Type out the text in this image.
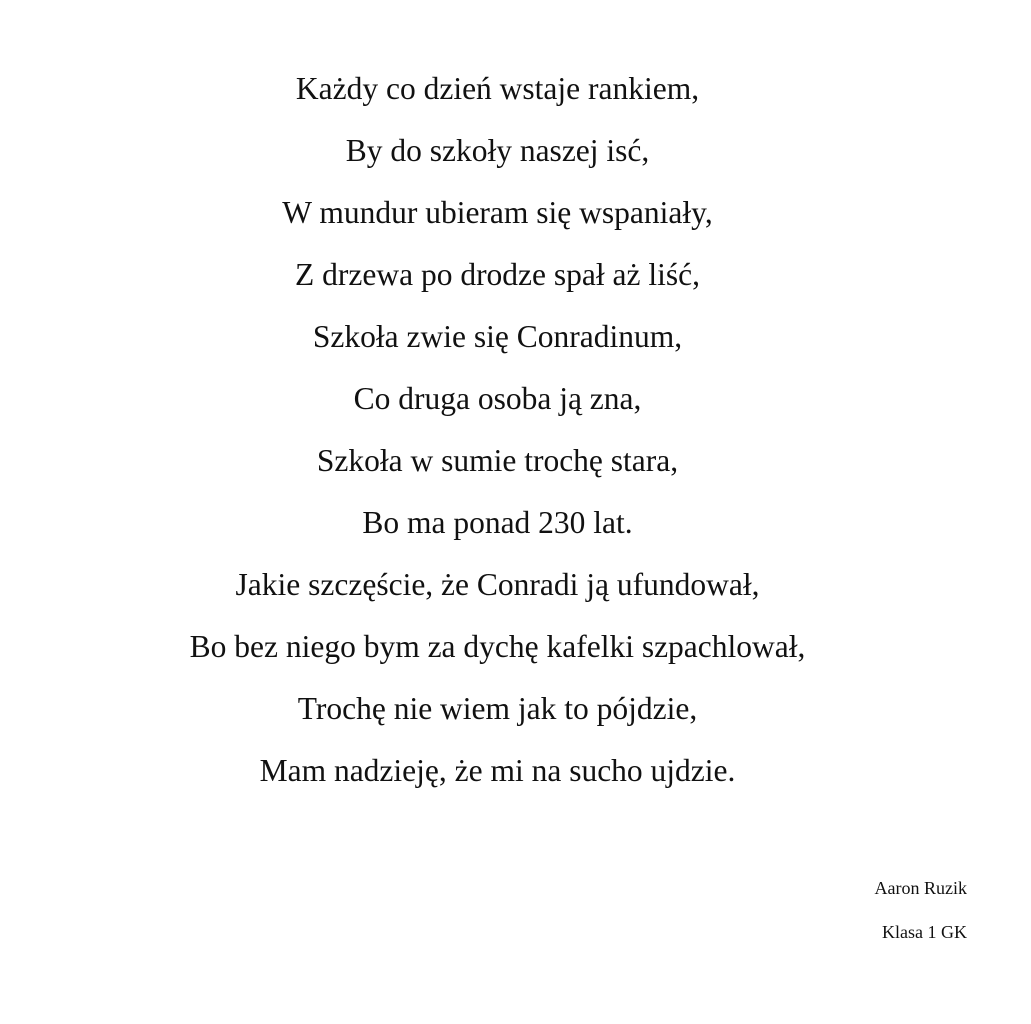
Każdy co dzień wstaje rankiem,
By do szkoły naszej isć,
W mundur ubieram się wspaniały,
Z drzewa po drodze spał aż liść,
Szkoła zwie się Conradinum,
Co druga osoba ją zna,
Szkoła w sumie trochę stara,
Bo ma ponad 230 lat.
Jakie szczęście, że Conradi ją ufundował,
Bo bez niego bym za dychę kafelki szpachlował,
Trochę nie wiem jak to pójdzie,
Mam nadzieję, że mi na sucho ujdzie.
Aaron Ruzik
Klasa 1 GK
